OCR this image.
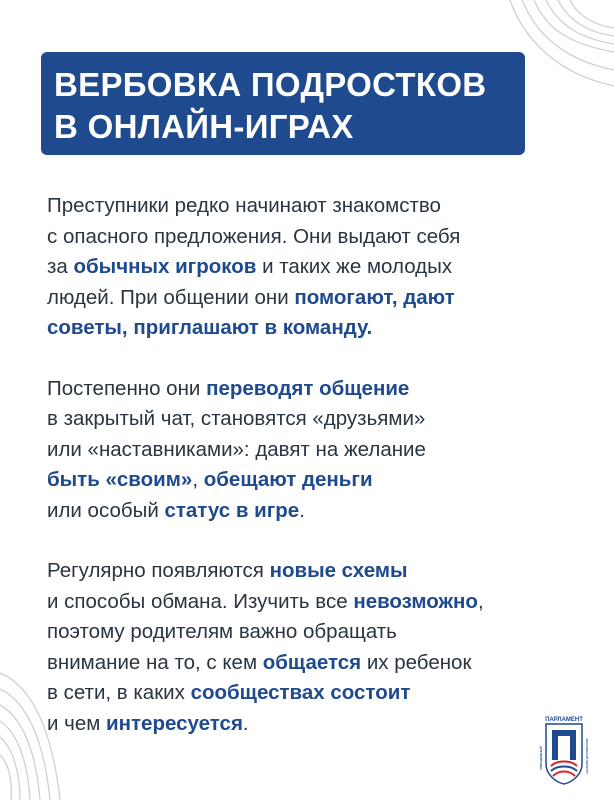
ВЕРБОВКА ПОДРОСТКОВ
В ОНЛАЙН-ИГРАХ
Преступники редко начинают знакомство
с опасного предложения. Они выдают себя
за обычных игроков и таких же молодых
людей. При общении они помогают, дают
советы, приглашают в команду.
Постепенно они переводят общение
в закрытый чат, становятся «друзьями»
или «наставниками»: давят на желание
быть «своим», обещают деньги
или особый статус в игре.
Регулярно появляются новые схемы
и способы обмана. Изучить все невозможно,
поэтому родителям важно обращать
внимание на то, с кем общается их ребенок
в сети, в каких сообществах состоит
и чем интересуется.	ПАРЛАМЕНТ
МОЛОДЁЖНЫЙ	МОСКОВСКОЙ ОБЛАСТИ
